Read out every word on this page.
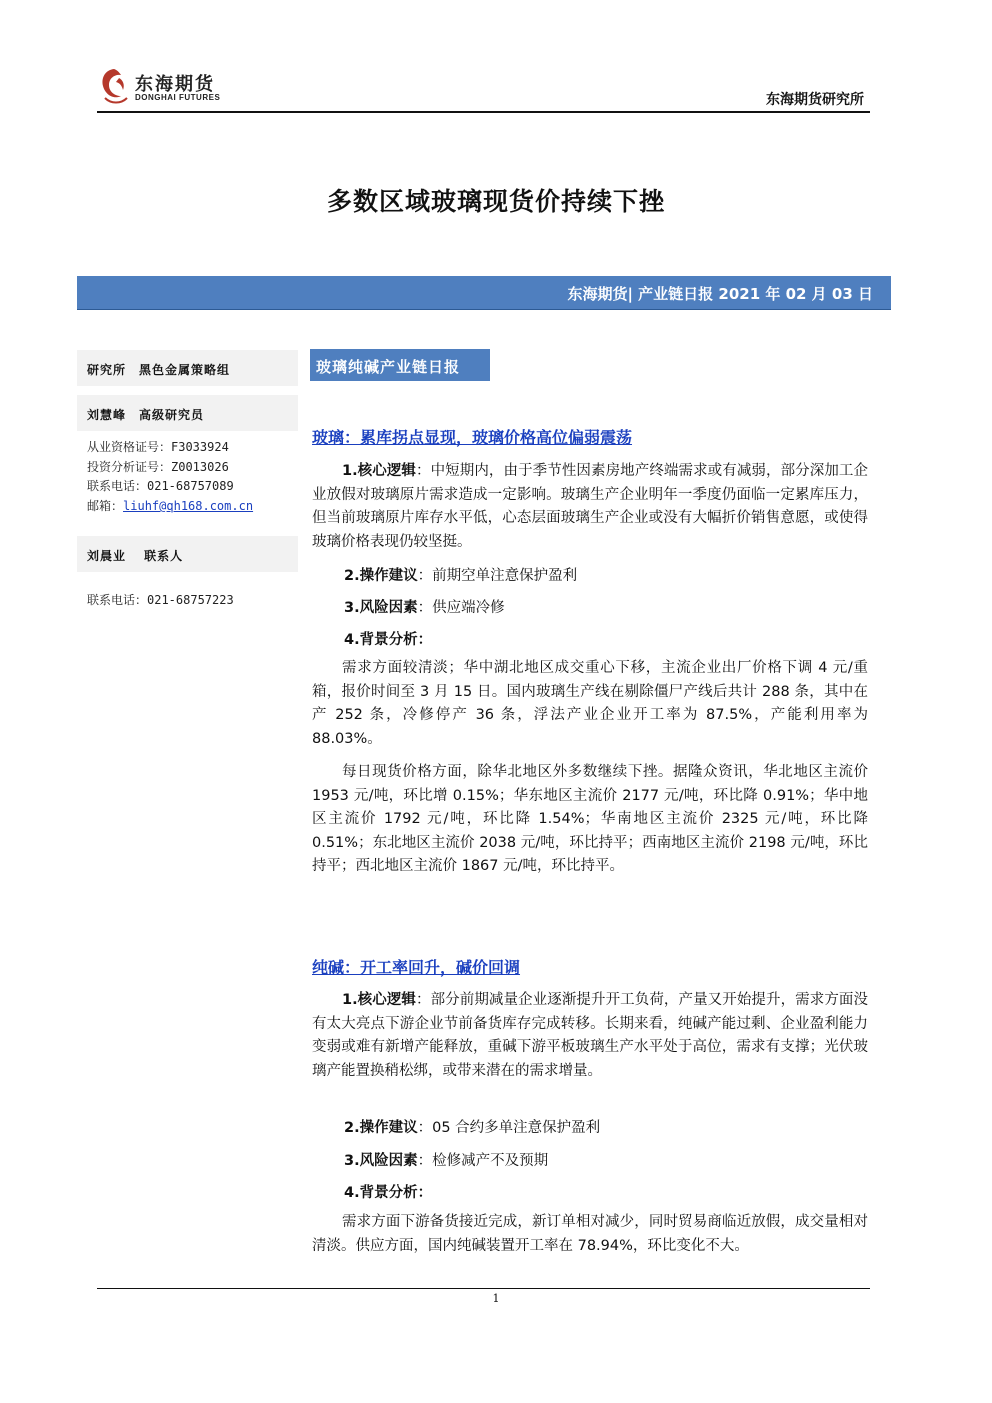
东海期货
DONGHAI FUTURES	东海期货研究所
多数区域玻璃现货价持续下挫
东海期货| 产业链日报 2021 年 02 月 03 日
研究所　黑色金属策略组
刘慧峰　高级研究员
从业资格证号：F3033924
投资分析证号：Z0013026
联系电话：021-68757089
邮箱：liuhf@qh168.com.cn
刘晨业　 联系人
联系电话：021-68757223
玻璃纯碱产业链日报
玻璃：累库拐点显现，玻璃价格高位偏弱震荡
1.核心逻辑：中短期内，由于季节性因素房地产终端需求或有减弱，部分深加工企业放假对玻璃原片需求造成一定影响。玻璃生产企业明年一季度仍面临一定累库压力，但当前玻璃原片库存水平低，心态层面玻璃生产企业或没有大幅折价销售意愿，或使得玻璃价格表现仍较坚挺。
2.操作建议：前期空单注意保护盈利
3.风险因素：供应端冷修
4.背景分析：
需求方面较清淡；华中湖北地区成交重心下移，主流企业出厂价格下调 4 元/重箱，报价时间至 3 月 15 日。国内玻璃生产线在剔除僵尸产线后共计 288 条，其中在产 252 条，冷修停产 36 条，浮法产业企业开工率为 87.5%，产能利用率为 88.03%。
每日现货价格方面，除华北地区外多数继续下挫。据隆众资讯，华北地区主流价 1953 元/吨，环比增 0.15%；华东地区主流价 2177 元/吨，环比降 0.91%；华中地区主流价 1792 元/吨，环比降 1.54%；华南地区主流价 2325 元/吨，环比降 0.51%；东北地区主流价 2038 元/吨，环比持平；西南地区主流价 2198 元/吨，环比持平；西北地区主流价 1867 元/吨，环比持平。
纯碱：开工率回升，碱价回调
1.核心逻辑：部分前期减量企业逐渐提升开工负荷，产量又开始提升，需求方面没有太大亮点下游企业节前备货库存完成转移。长期来看，纯碱产能过剩、企业盈利能力变弱或难有新增产能释放，重碱下游平板玻璃生产水平处于高位，需求有支撑；光伏玻璃产能置换稍松绑，或带来潜在的需求增量。
2.操作建议：05 合约多单注意保护盈利
3.风险因素：检修减产不及预期
4.背景分析：
需求方面下游备货接近完成，新订单相对减少，同时贸易商临近放假，成交量相对清淡。供应方面，国内纯碱装置开工率在 78.94%，环比变化不大。
1
